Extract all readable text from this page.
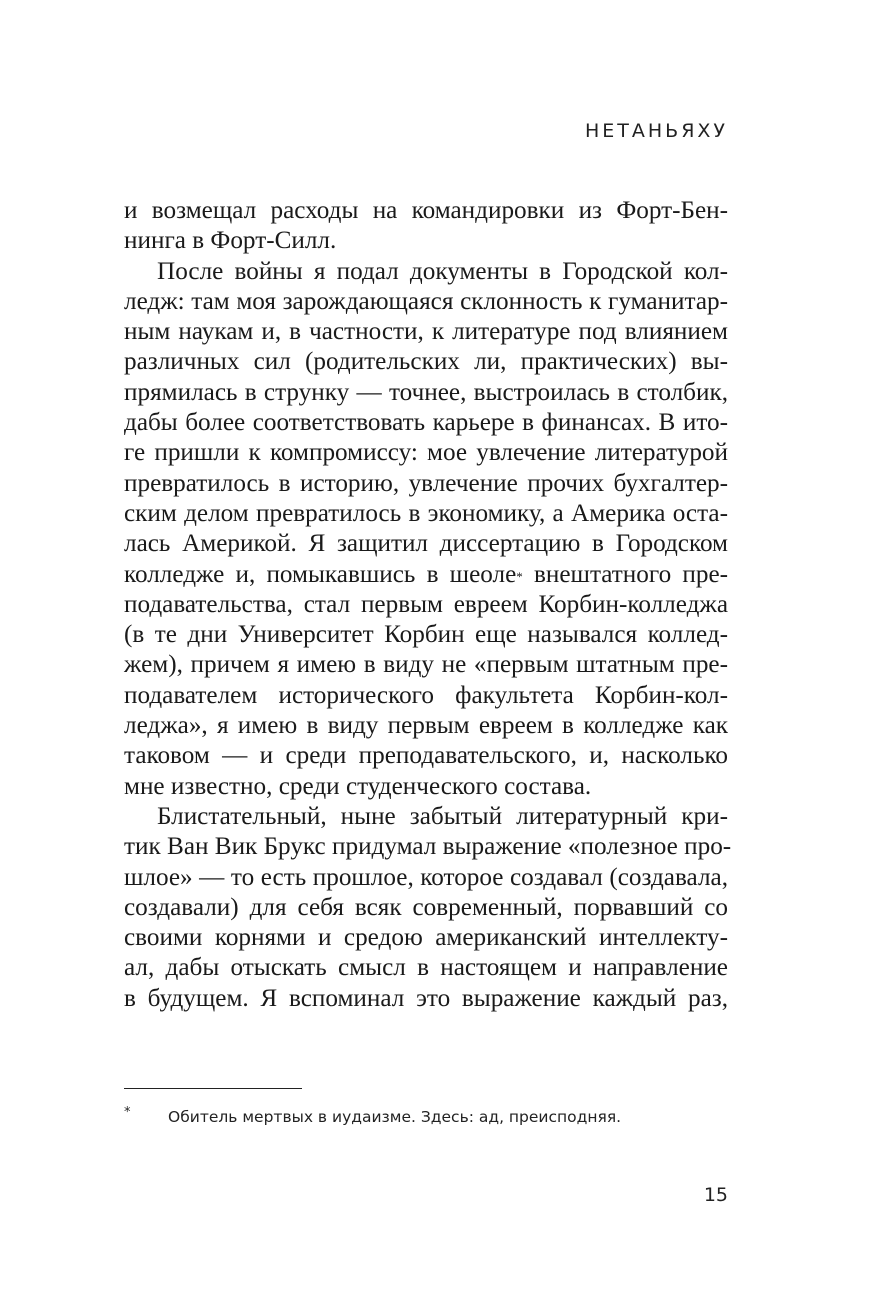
НЕТАНЬЯХУ
и возмещал расходы на командировки из Форт-Бен-
нинга в Форт-Силл.
После войны я подал документы в Городской кол-
ледж: там моя зарождающаяся склонность к гуманитар-
ным наукам и, в частности, к литературе под влиянием
различных сил (родительских ли, практических) вы-
прямилась в струнку — точнее, выстроилась в столбик,
дабы более соответствовать карьере в финансах. В ито-
ге пришли к компромиссу: мое увлечение литературой
превратилось в историю, увлечение прочих бухгалтер-
ским делом превратилось в экономику, а Америка оста-
лась Америкой. Я защитил диссертацию в Городском
колледже и, помыкавшись в шеоле* внештатного пре-
подавательства, стал первым евреем Корбин-колледжа
(в те дни Университет Корбин еще назывался коллед-
жем), причем я имею в виду не «первым штатным пре-
подавателем исторического факультета Корбин-кол-
леджа», я имею в виду первым евреем в колледже как
таковом — и среди преподавательского, и, насколько
мне известно, среди студенческого состава.
Блистательный, ныне забытый литературный кри-
тик Ван Вик Брукс придумал выражение «полезное про-
шлое» — то есть прошлое, которое создавал (создавала,
создавали) для себя всяк современный, порвавший со
своими корнями и средою американский интеллекту-
ал, дабы отыскать смысл в настоящем и направление
в будущем. Я вспоминал это выражение каждый раз,
* Обитель мертвых в иудаизме. Здесь: ад, преисподняя.
15
